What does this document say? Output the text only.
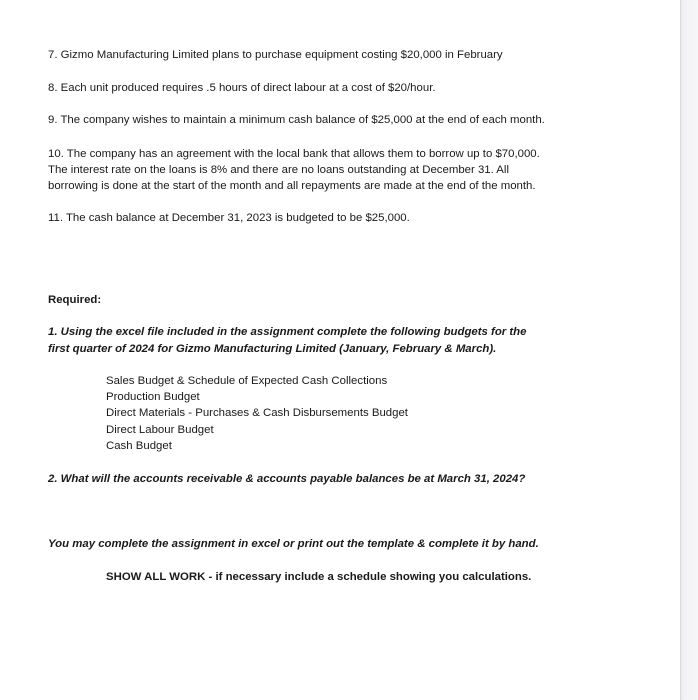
7. Gizmo Manufacturing Limited plans to purchase equipment costing $20,000 in February
8. Each unit produced requires .5 hours of direct labour at a cost of $20/hour.
9. The company wishes to maintain a minimum cash balance of $25,000 at the end of each month.
10. The company has an agreement with the local bank that allows them to borrow up to $70,000.
The interest rate on the loans is 8% and there are no loans outstanding at December 31. All
borrowing is done at the start of the month and all repayments are made at the end of the month.
11. The cash balance at December 31, 2023 is budgeted to be $25,000.
Required:
1. Using the excel file included in the assignment complete the following budgets for the
first quarter of 2024 for Gizmo Manufacturing Limited (January, February & March).
Sales Budget & Schedule of Expected Cash Collections
Production Budget
Direct Materials - Purchases & Cash Disbursements Budget
Direct Labour Budget
Cash Budget
2. What will the accounts receivable & accounts payable balances be at March 31, 2024?
You may complete the assignment in excel or print out the template & complete it by hand.
SHOW ALL WORK - if necessary include a schedule showing you calculations.
